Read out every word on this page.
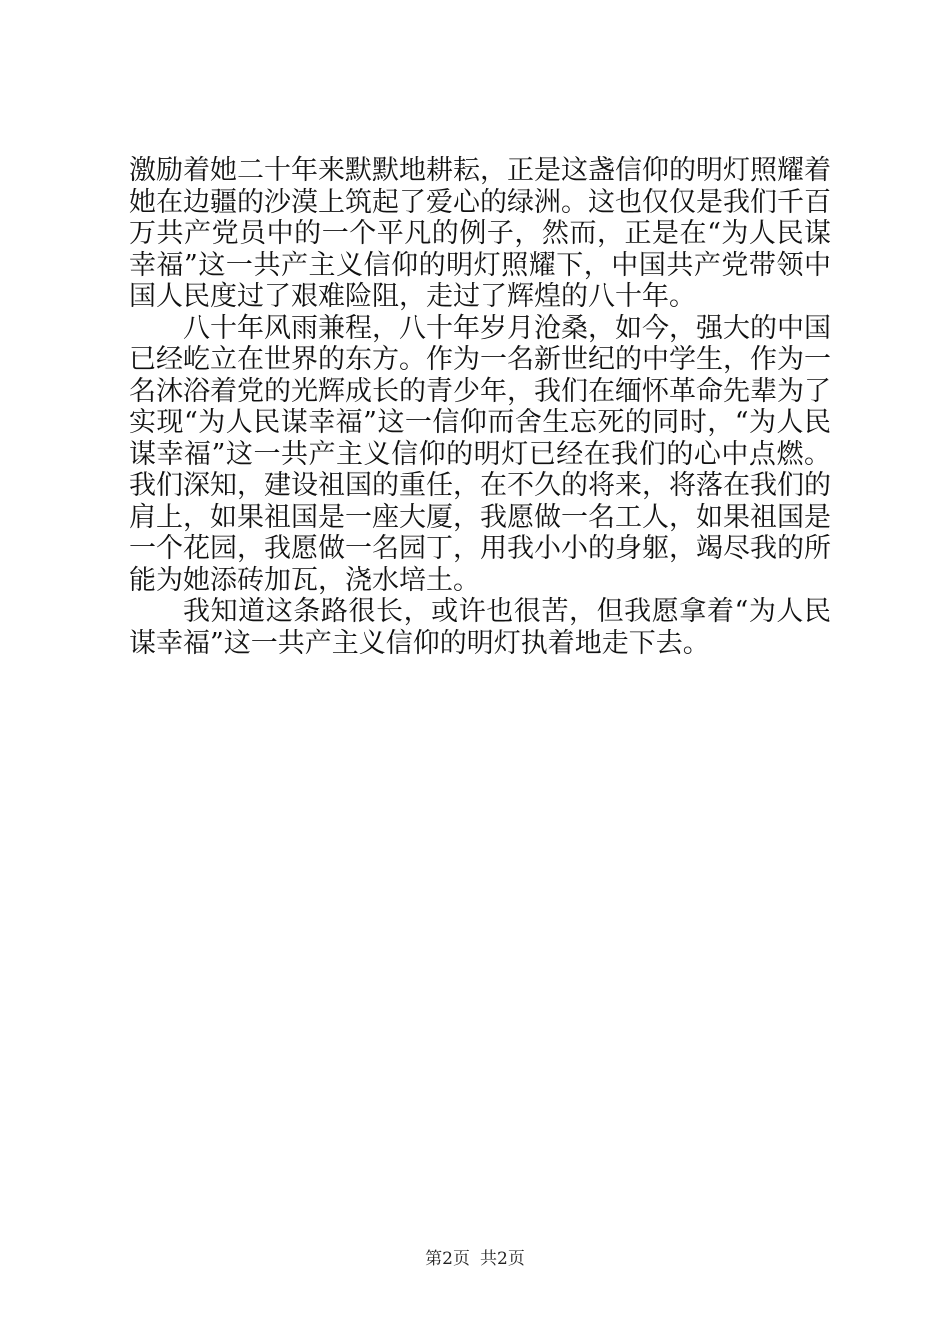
激励着她二十年来默默地耕耘，正是这盏信仰的明灯照耀着她在边疆的沙漠上筑起了爱心的绿洲。这也仅仅是我们千百万共产党员中的一个平凡的例子，然而，正是在“为人民谋幸福”这一共产主义信仰的明灯照耀下，中国共产党带领中国人民度过了艰难险阻，走过了辉煌的八十年。

八十年风雨兼程，八十年岁月沧桑，如今，强大的中国已经屹立在世界的东方。作为一名新世纪的中学生，作为一名沐浴着党的光辉成长的青少年，我们在缅怀革命先辈为了实现“为人民谋幸福”这一信仰而舍生忘死的同时，“为人民谋幸福”这一共产主义信仰的明灯已经在我们的心中点燃。我们深知，建设祖国的重任，在不久的将来，将落在我们的肩上，如果祖国是一座大厦，我愿做一名工人，如果祖国是一个花园，我愿做一名园丁，用我小小的身躯，竭尽我的所能为她添砖加瓦，浇水培土。

我知道这条路很长，或许也很苦，但我愿拿着“为人民谋幸福”这一共产主义信仰的明灯执着地走下去。

第2页 共2页
